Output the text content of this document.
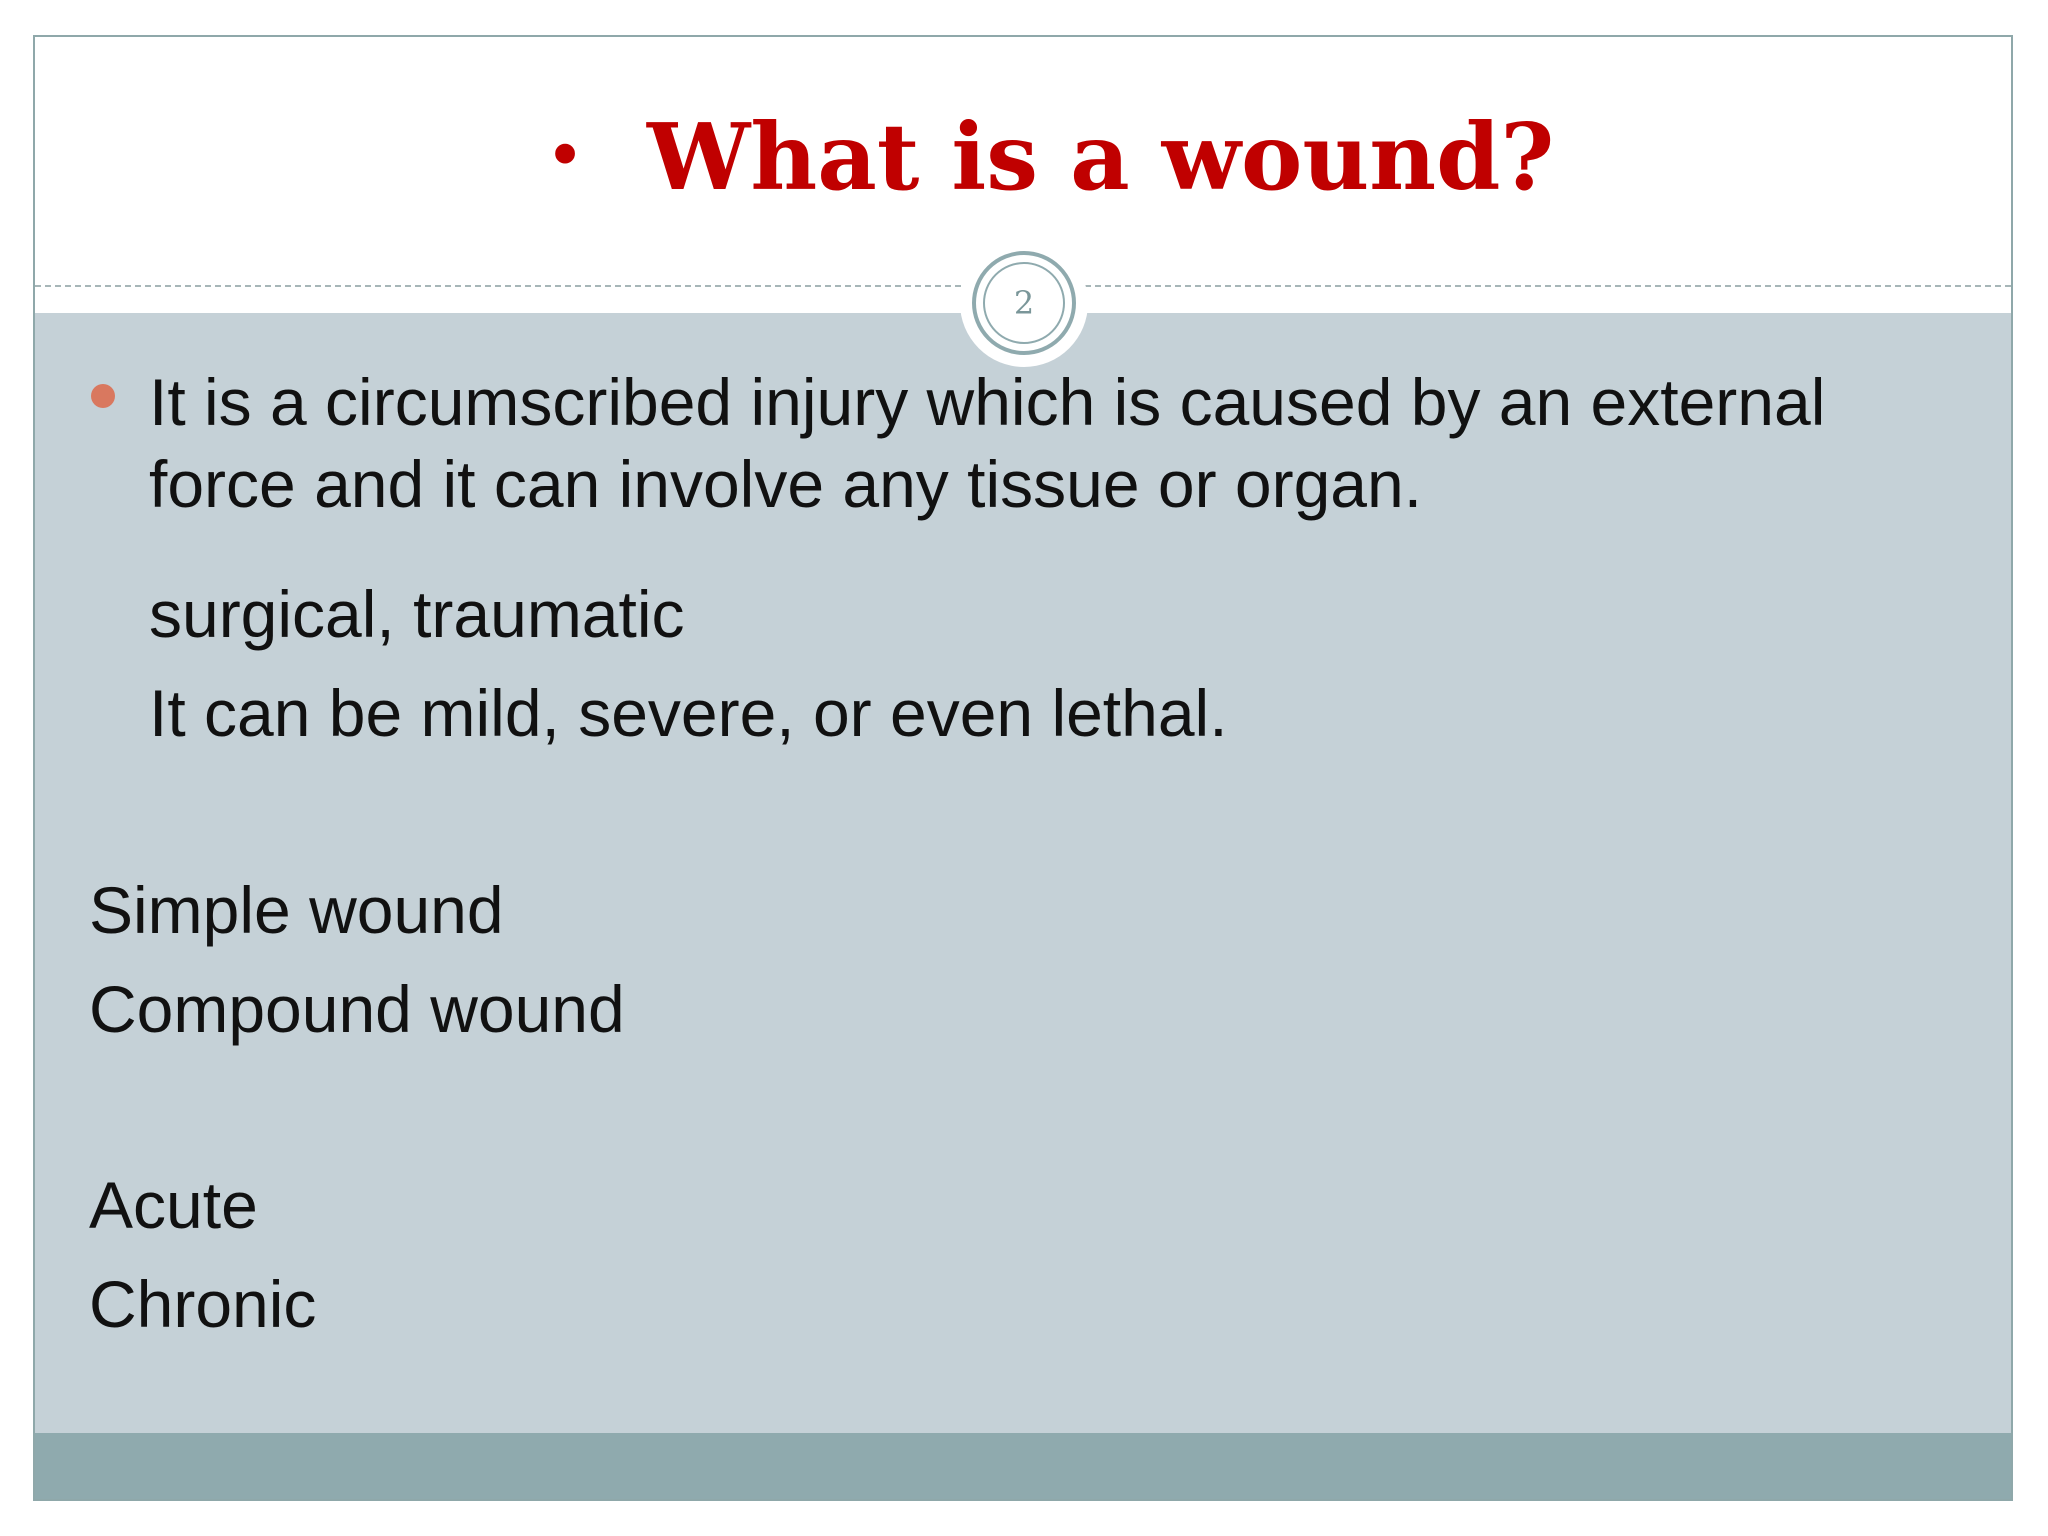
• What is a wound?
2

It is a circumscribed injury which is caused by an external force and it can involve any tissue or organ.

surgical, traumatic

It can be mild, severe, or even lethal.

Simple wound

Compound wound

Acute

Chronic
